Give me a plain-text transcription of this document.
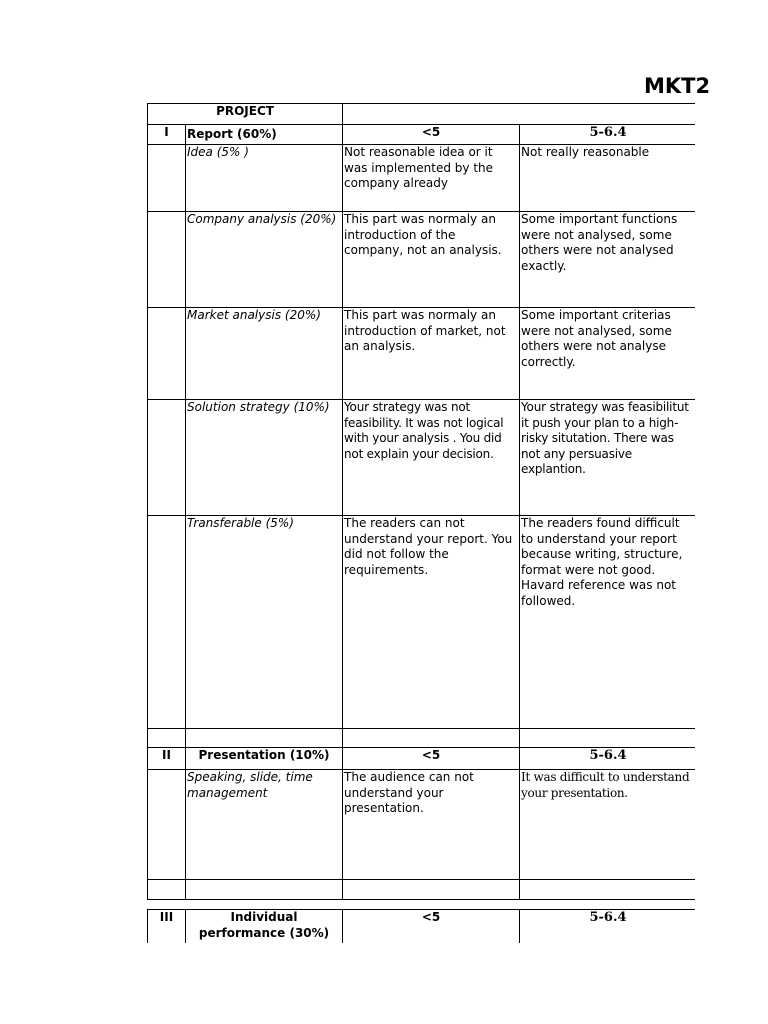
MKT2
PROJECT				
I	Report (60%)	<5	5-6.4	
	Idea (5% )	Not reasonable idea or it was implemented by the company already	Not really reasonable	
	Company analysis (20%)	This part was normaly an introduction of the company, not an analysis.	Some important functions were not analysed, some others were not analysed exactly.	
	Market analysis (20%)	This part was normaly an introduction of market, not an analysis.	Some important criterias were not analysed, some others were not analyse correctly.	
	Solution strategy (10%)	Your strategy was not feasibility. It was not logical with your analysis . You did not explain your decision.	Your strategy was feasibilitut it push your plan to a high-risky situtation. There was not any persuasive explantion.	
	Transferable (5%)	The readers can not understand your report. You did not follow the requirements.	The readers found difficult to understand your report because writing, structure, format were not good. Havard reference was not followed.	

II	Presentation (10%)	<5	5-6.4	
	Speaking, slide, time management	The audience can not understand your presentation.	It was difficult to understand your presentation.	

III	Individual performance (30%)	<5	5-6.4	
